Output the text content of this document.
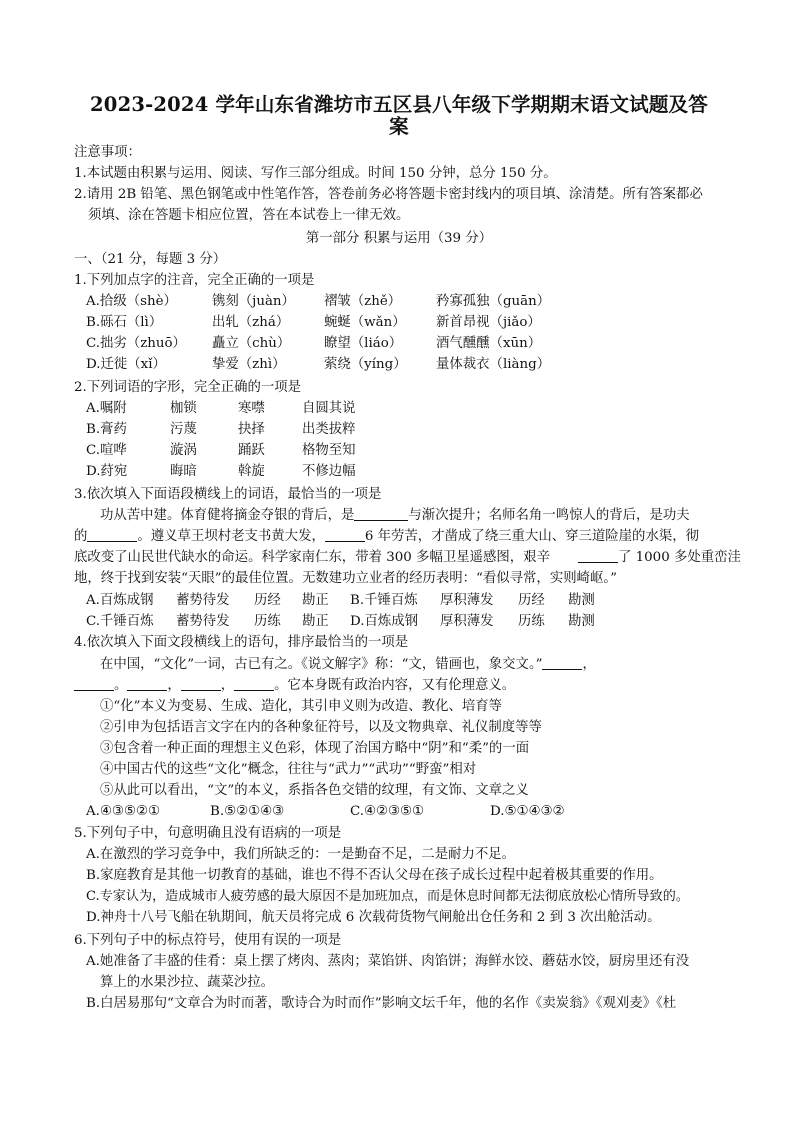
2023-2024 学年山东省潍坊市五区县八年级下学期期末语文试题及答
案
注意事项：
1.本试题由积累与运用、阅读、写作三部分组成。时间 150 分钟，总分 150 分。
2.请用 2B 铅笔、黑色钢笔或中性笔作答，答卷前务必将答题卡密封线内的项目填、涂清楚。所有答案都必
须填、涂在答题卡相应位置，答在本试卷上一律无效。
第一部分 积累与运用（39 分）
一、（21 分，每题 3 分）
1.下列加点字的注音，完全正确的一项是
A.拾级（shè）	镌刻（juàn） 褶皱（zhě）	矜寡孤独（guān）
B.砾石（lì）	出轧（zhá）	蜿蜒（wǎn） 新首昂视（jiǎo）
C.拙劣（zhuō） 矗立（chù）	瞭望（liáo）	酒气醺醺（xūn）
D.迁徙（xǐ）	挚爱（zhì）	萦绕（yíng） 量体裁衣（liàng）
2.下列词语的字形，完全正确的一项是
A.嘱附	枷锁	寒噤	自圆其说
B.膏药	污蔑	抉择	出类拔粹
C.喧哗	漩涡	踊跃	格物至知
D.荮宛	晦暗	斡旋	不修边幅
3.依次填入下面语段横线上的词语，最恰当的一项是
功从苦中建。体育健将摘金夺银的背后，是	与渐次提升；名师名角一鸣惊人的背后，是功夫
的	。遵义草王坝村老支书黄大发，	6 年劳苦，才凿成了绕三重大山、穿三道险崖的水渠，彻
底改变了山民世代缺水的命运。科学家南仁东，带着 300 多幅卫星遥感图，艰辛	了 1000 多处重峦洼
地，终于找到安装“天眼”的最佳位置。无数建功立业者的经历表明：“看似寻常，实则崎岖。”
A.百炼成钢 蓄势待发 历经 勘正 B.千锤百炼 厚积薄发 历经 勘测
C.千锤百炼 蓄势待发 历练 勘正 D.百炼成钢 厚积薄发 历练 勘测
4.依次填入下面文段横线上的语句，排序最恰当的一项是
在中国，“文化”一词，古已有之。《说文解字》称：“文，错画也，象交文。”	，
。	，	，	。它本身既有政治内容，又有伦理意义。
①“化”本义为变易、生成、造化，其引申义则为改造、教化、培育等
②引申为包括语言文字在内的各种象征符号，以及文物典章、礼仪制度等等
③包含着一种正面的理想主义色彩，体现了治国方略中“阴”和“柔”的一面
④中国古代的这些“文化”概念，往往与“武力”“武功”“野蛮”相对
⑤从此可以看出，“文”的本义，系指各色交错的纹理，有文饰、文章之义
A.④③⑤②①	B.⑤②①④③	C.④②③⑤①	D.⑤①④③②
5.下列句子中，句意明确且没有语病的一项是
A.在激烈的学习竞争中，我们所缺乏的：一是勤奋不足，二是耐力不足。
B.家庭教育是其他一切教育的基础，谁也不得不否认父母在孩子成长过程中起着极其重要的作用。
C.专家认为，造成城市人疲劳感的最大原因不是加班加点，而是休息时间都无法彻底放松心情所导致的。
D.神舟十八号飞船在轨期间，航天员将完成 6 次载荷货物气闸舱出仓任务和 2 到 3 次出舱活动。
6.下列句子中的标点符号，使用有误的一项是
A.她准备了丰盛的佳肴：桌上摆了烤肉、蒸肉；菜馅饼、肉馅饼；海鲜水饺、蘑菇水饺，厨房里还有没
算上的水果沙拉、蔬菜沙拉。
B.白居易那句“文章合为时而著，歌诗合为时而作”影响文坛千年，他的名作《卖炭翁》《观刈麦》《杜
